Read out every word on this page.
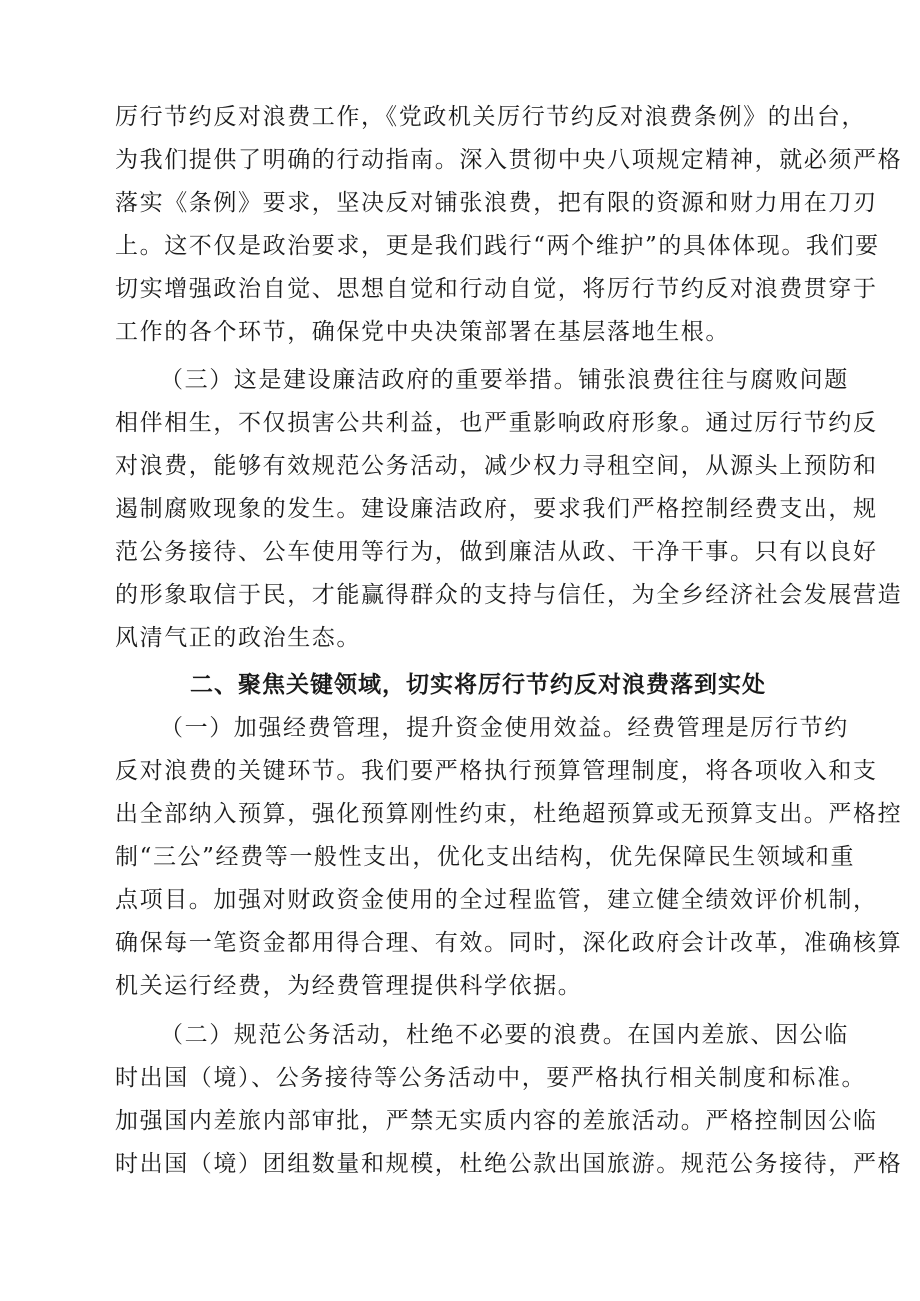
厉行节约反对浪费工作，《党政机关厉行节约反对浪费条例》的出台，
为我们提供了明确的行动指南。深入贯彻中央八项规定精神，就必须严格
落实《条例》要求，坚决反对铺张浪费，把有限的资源和财力用在刀刃
上。这不仅是政治要求，更是我们践行“两个维护”的具体体现。我们要
切实增强政治自觉、思想自觉和行动自觉，将厉行节约反对浪费贯穿于
工作的各个环节，确保党中央决策部署在基层落地生根。
（三）这是建设廉洁政府的重要举措。铺张浪费往往与腐败问题
相伴相生，不仅损害公共利益，也严重影响政府形象。通过厉行节约反
对浪费，能够有效规范公务活动，减少权力寻租空间，从源头上预防和
遏制腐败现象的发生。建设廉洁政府，要求我们严格控制经费支出，规
范公务接待、公车使用等行为，做到廉洁从政、干净干事。只有以良好
的形象取信于民，才能赢得群众的支持与信任，为全乡经济社会发展营造
风清气正的政治生态。
二、聚焦关键领域，切实将厉行节约反对浪费落到实处
（一）加强经费管理，提升资金使用效益。经费管理是厉行节约
反对浪费的关键环节。我们要严格执行预算管理制度，将各项收入和支
出全部纳入预算，强化预算刚性约束，杜绝超预算或无预算支出。严格控
制“三公”经费等一般性支出，优化支出结构，优先保障民生领域和重
点项目。加强对财政资金使用的全过程监管，建立健全绩效评价机制，
确保每一笔资金都用得合理、有效。同时，深化政府会计改革，准确核算
机关运行经费，为经费管理提供科学依据。
（二）规范公务活动，杜绝不必要的浪费。在国内差旅、因公临
时出国（境）、公务接待等公务活动中，要严格执行相关制度和标准。
加强国内差旅内部审批，严禁无实质内容的差旅活动。严格控制因公临
时出国（境）团组数量和规模，杜绝公款出国旅游。规范公务接待，严格
